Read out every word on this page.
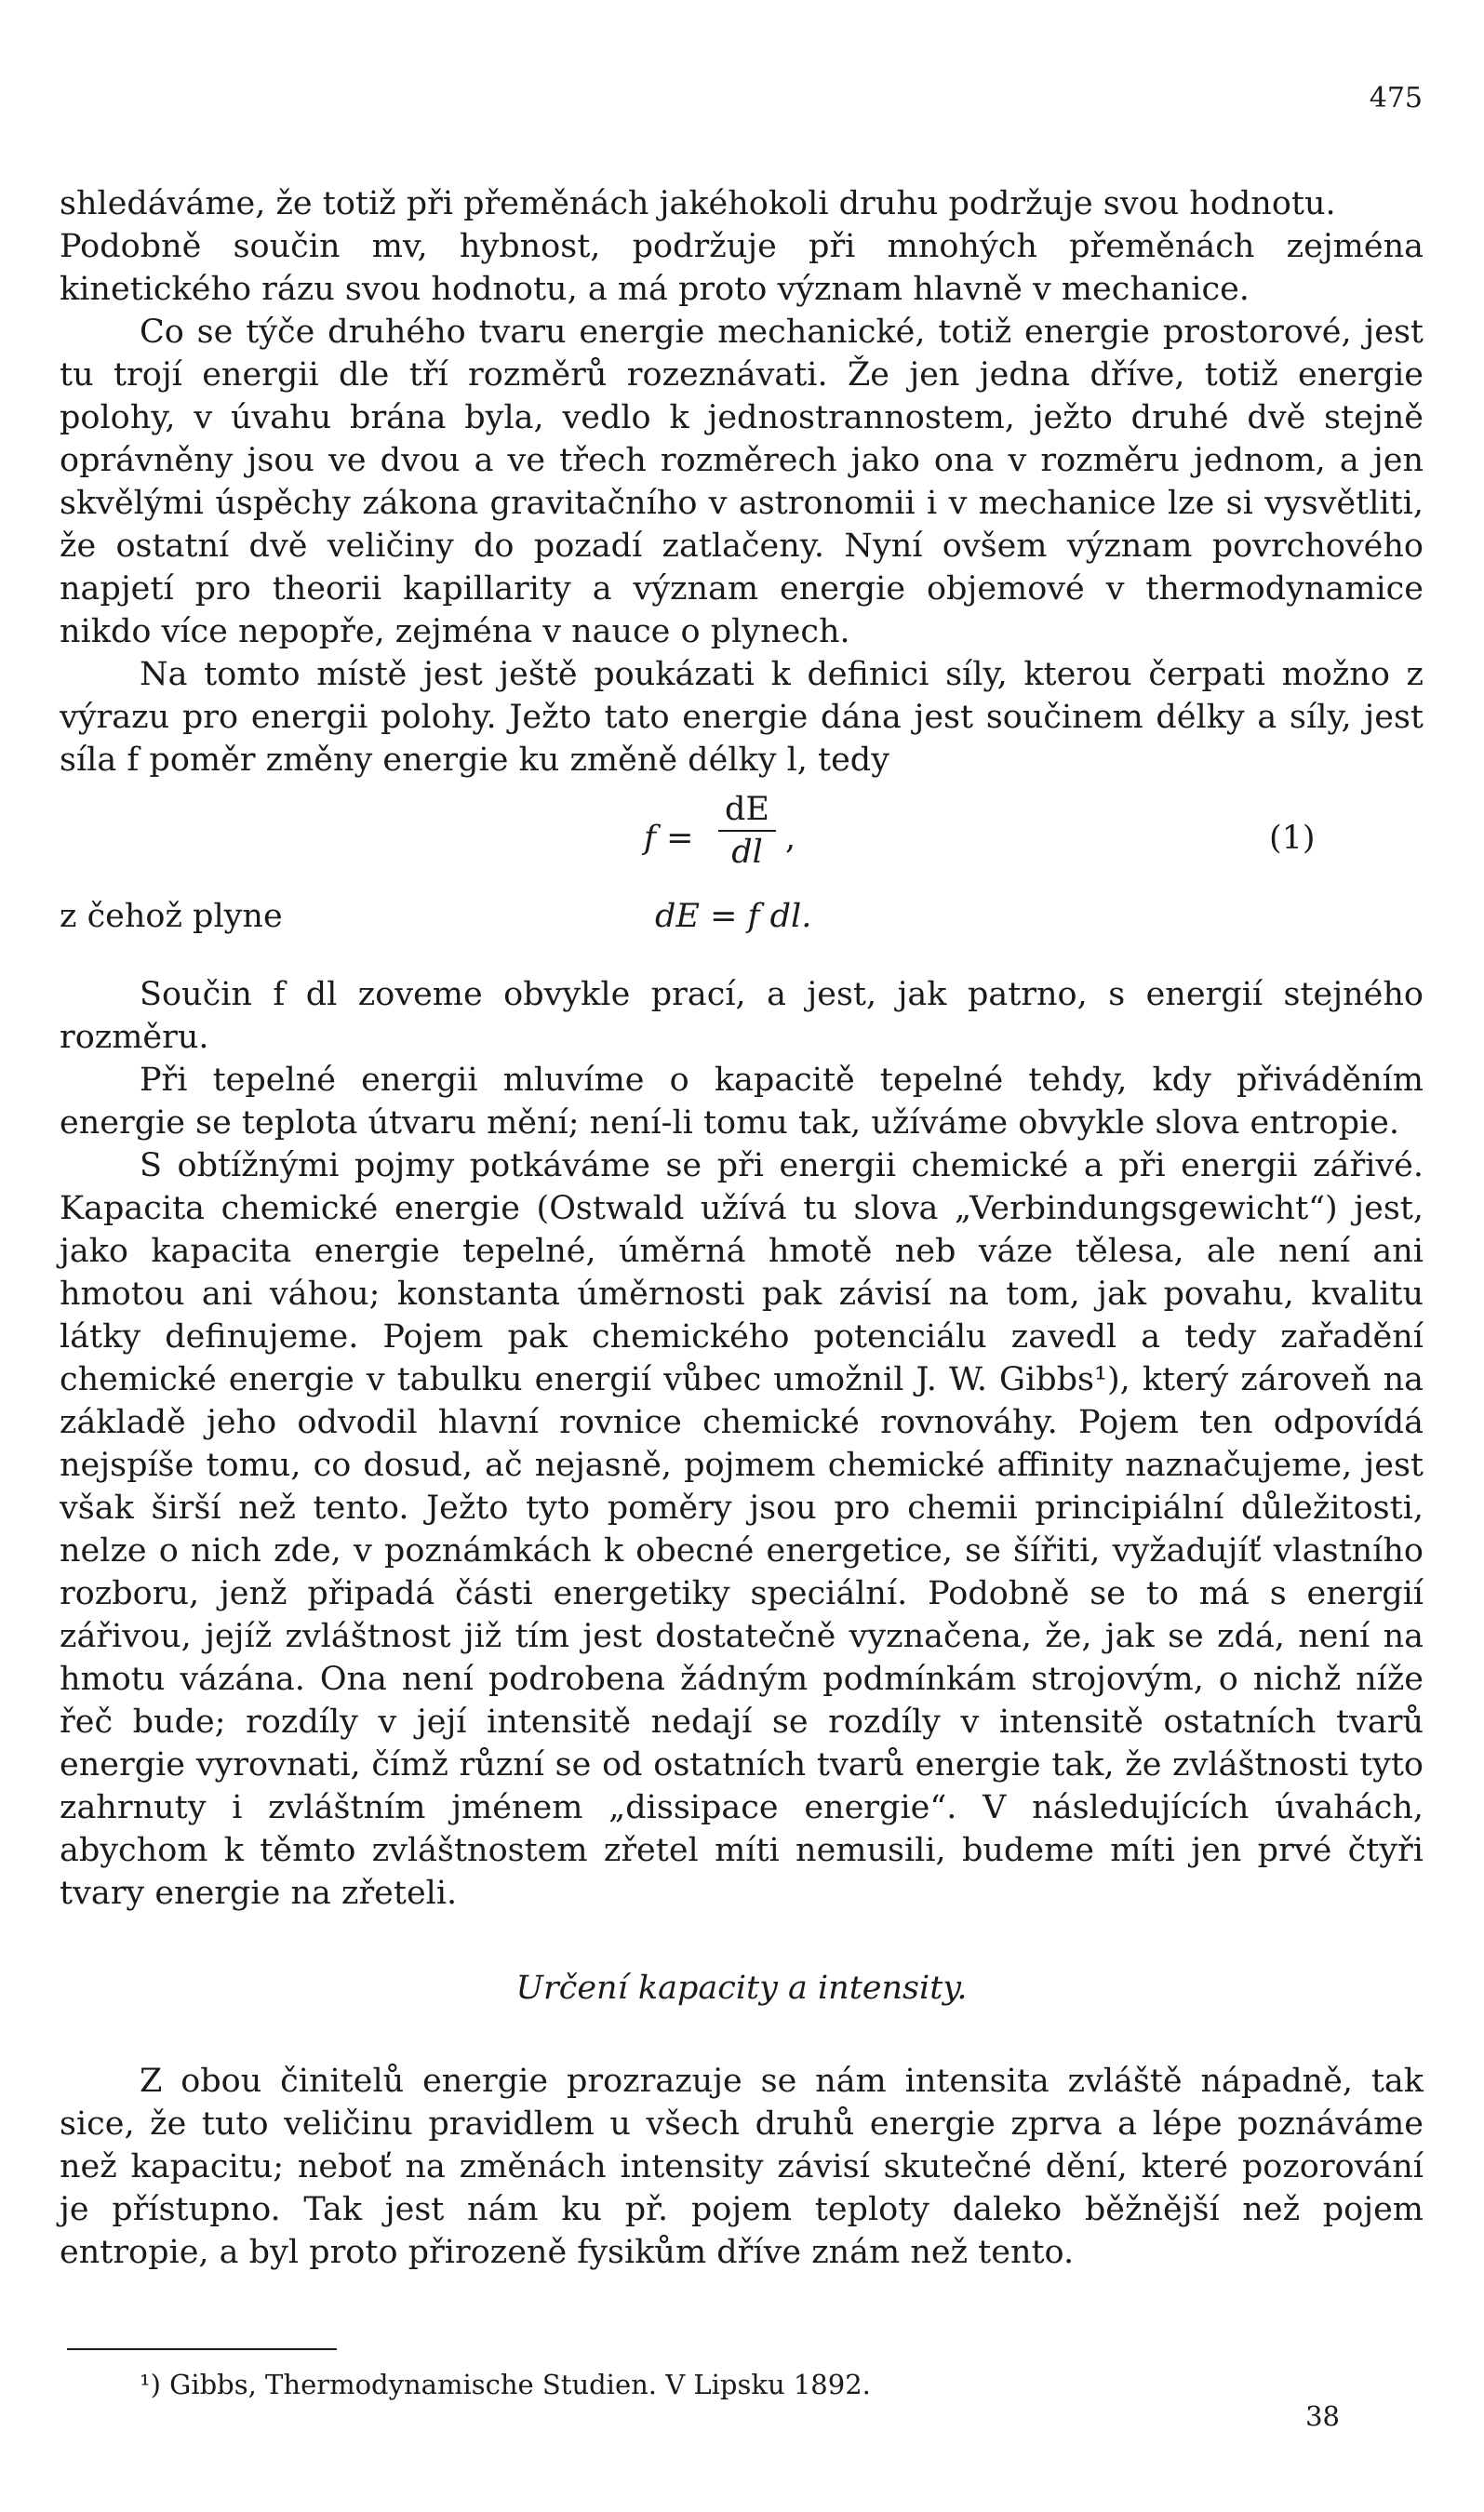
475

shledáváme, že totiž při přeměnách jakéhokoli druhu podržuje svou hodnotu.

Podobně součin mv, hybnost, podržuje při mnohých přeměnách zejména kinetického rázu svou hodnotu, a má proto význam hlavně v mechanice.

Co se týče druhého tvaru energie mechanické, totiž energie prostorové, jest tu trojí energii dle tří rozměrů rozeznávati. Že jen jedna dříve, totiž energie polohy, v úvahu brána byla, vedlo k jednostrannostem, ježto druhé dvě stejně oprávněny jsou ve dvou a ve třech rozměrech jako ona v rozměru jednom, a jen skvělými úspěchy zákona gravitačního v astronomii i v mechanice lze si vysvětliti, že ostatní dvě veličiny do pozadí zatlačeny. Nyní ovšem význam povrchového napjetí pro theorii kapillarity a význam energie objemové v thermodynamice nikdo více nepopře, zejména v nauce o plynech.

Na tomto místě jest ještě poukázati k definici síly, kterou čerpati možno z výrazu pro energii polohy. Ježto tato energie dána jest součinem délky a síly, jest síla f poměr změny energie ku změně délky l, tedy

f =
dE
dl ,	(1)
z čehož plyne	dE = f dl.

Součin f dl zoveme obvykle prací, a jest, jak patrno, s energií stejného rozměru.

Při tepelné energii mluvíme o kapacitě tepelné tehdy, kdy přiváděním energie se teplota útvaru mění; není-li tomu tak, užíváme obvykle slova entropie.

S obtížnými pojmy potkáváme se při energii chemické a při energii zářivé. Kapacita chemické energie (Ostwald užívá tu slova „Verbindungsgewicht“) jest, jako kapacita energie tepelné, úměrná hmotě neb váze tělesa, ale není ani hmotou ani váhou; konstanta úměrnosti pak závisí na tom, jak povahu, kvalitu látky definujeme. Pojem pak chemického potenciálu zavedl a tedy zařadění chemické energie v tabulku energií vůbec umožnil J. W. Gibbs¹), který zároveň na základě jeho odvodil hlavní rovnice chemické rovnováhy. Pojem ten odpovídá nejspíše tomu, co dosud, ač nejasně, pojmem chemické affinity naznačujeme, jest však širší než tento. Ježto tyto poměry jsou pro chemii principiální důležitosti, nelze o nich zde, v poznámkách k obecné energetice, se šířiti, vyžadujíť vlastního rozboru, jenž připadá části energetiky speciální. Podobně se to má s energií zářivou, jejíž zvláštnost již tím jest dostatečně vyznačena, že, jak se zdá, není na hmotu vázána. Ona není podrobena žádným podmínkám strojovým, o nichž níže řeč bude; rozdíly v její intensitě nedají se rozdíly v intensitě ostatních tvarů energie vyrovnati, čímž různí se od ostatních tvarů energie tak, že zvláštnosti tyto zahrnuty i zvláštním jménem „dissipace energie“. V následujících úvahách, abychom k těmto zvláštnostem zřetel míti nemusili, budeme míti jen prvé čtyři tvary energie na zřeteli.

Určení kapacity a intensity.

Z obou činitelů energie prozrazuje se nám intensita zvláště nápadně, tak sice, že tuto veličinu pravidlem u všech druhů energie zprva a lépe poznáváme než kapacitu; neboť na změnách intensity závisí skutečné dění, které pozorování je přístupno. Tak jest nám ku př. pojem teploty daleko běžnější než pojem entropie, a byl proto přirozeně fysikům dříve znám než tento.

¹) Gibbs, Thermodynamische Studien. V Lipsku 1892.
38
